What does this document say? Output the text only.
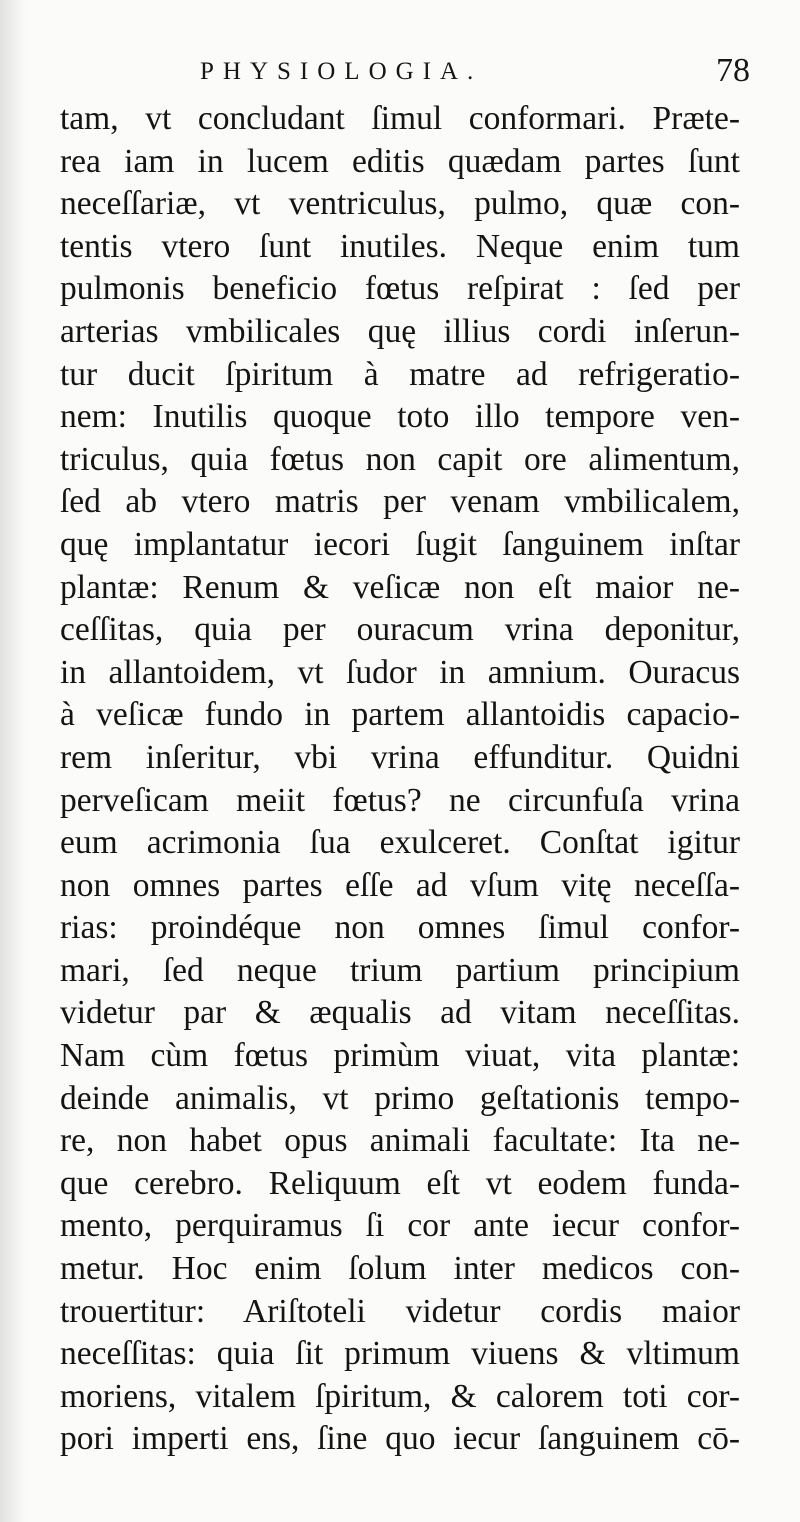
PHYSIOLOGIA.	78
tam, vt concludant ſimul conformari. Præte-
rea iam in lucem editis quædam partes ſunt
neceſſariæ, vt ventriculus, pulmo, quæ con-
tentis vtero ſunt inutiles. Neque enim tum
pulmonis beneficio fœtus reſpirat : ſed per
arterias vmbilicales quę illius cordi inſerun-
tur ducit ſpiritum à matre ad refrigeratio-
nem: Inutilis quoque toto illo tempore ven-
triculus, quia fœtus non capit ore alimentum,
ſed ab vtero matris per venam vmbilicalem,
quę implantatur iecori ſugit ſanguinem inſtar
plantæ: Renum & veſicæ non eſt maior ne-
ceſſitas, quia per ouracum vrina deponitur,
in allantoidem, vt ſudor in amnium. Ouracus
à veſicæ fundo in partem allantoidis capacio-
rem inſeritur, vbi vrina effunditur. Quidni
perveſicam meiit fœtus? ne circunfuſa vrina
eum acrimonia ſua exulceret. Conſtat igitur
non omnes partes eſſe ad vſum vitę neceſſa-
rias: proindéque non omnes ſimul confor-
mari, ſed neque trium partium principium
videtur par & æqualis ad vitam neceſſitas.
Nam cùm fœtus primùm viuat, vita plantæ:
deinde animalis, vt primo geſtationis tempo-
re, non habet opus animali facultate: Ita ne-
que cerebro. Reliquum eſt vt eodem funda-
mento, perquiramus ſi cor ante iecur confor-
metur. Hoc enim ſolum inter medicos con-
trouertitur: Ariſtoteli videtur cordis maior
neceſſitas: quia ſit primum viuens & vltimum
moriens, vitalem ſpiritum, & calorem toti cor-
pori imperti ens, ſine quo iecur ſanguinem cō-
